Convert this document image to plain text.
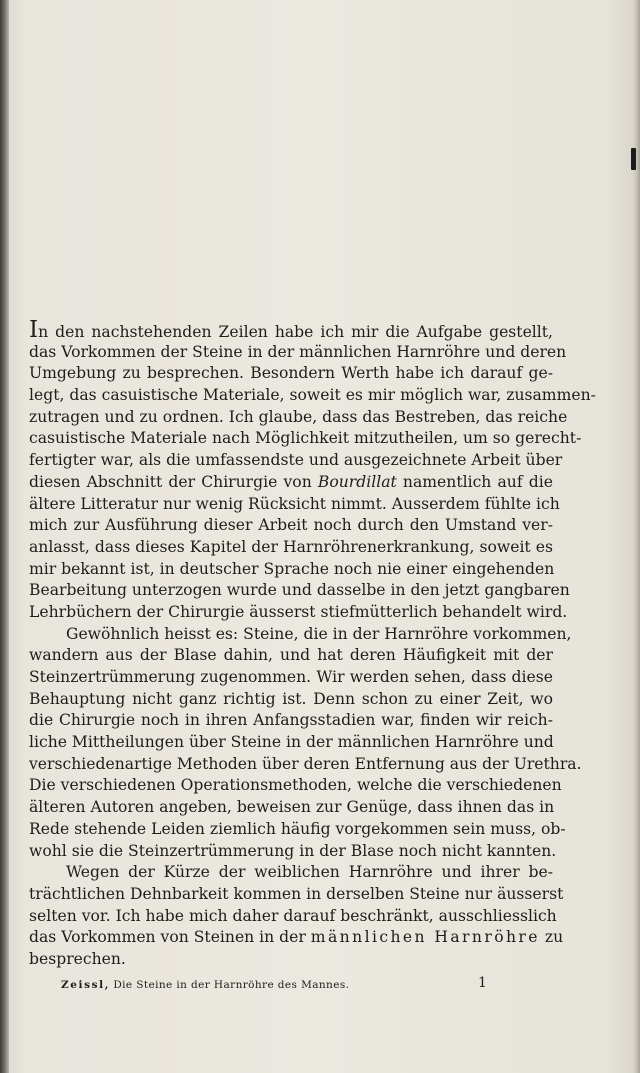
In den nachstehenden Zeilen habe ich mir die Aufgabe gestellt,
das Vorkommen der Steine in der männlichen Harnröhre und deren
Umgebung zu besprechen. Besondern Werth habe ich darauf ge-
legt, das casuistische Materiale, soweit es mir möglich war, zusammen-
zutragen und zu ordnen. Ich glaube, dass das Bestreben, das reiche
casuistische Materiale nach Möglichkeit mitzutheilen, um so gerecht-
fertigter war, als die umfassendste und ausgezeichnete Arbeit über
diesen Abschnitt der Chirurgie von Bourdillat namentlich auf die
ältere Litteratur nur wenig Rücksicht nimmt. Ausserdem fühlte ich
mich zur Ausführung dieser Arbeit noch durch den Umstand ver-
anlasst, dass dieses Kapitel der Harnröhrenerkrankung, soweit es
mir bekannt ist, in deutscher Sprache noch nie einer eingehenden
Bearbeitung unterzogen wurde und dasselbe in den jetzt gangbaren
Lehrbüchern der Chirurgie äusserst stiefmütterlich behandelt wird.
Gewöhnlich heisst es: Steine, die in der Harnröhre vorkommen,
wandern aus der Blase dahin, und hat deren Häufigkeit mit der
Steinzertrümmerung zugenommen. Wir werden sehen, dass diese
Behauptung nicht ganz richtig ist. Denn schon zu einer Zeit, wo
die Chirurgie noch in ihren Anfangsstadien war, finden wir reich-
liche Mittheilungen über Steine in der männlichen Harnröhre und
verschiedenartige Methoden über deren Entfernung aus der Urethra.
Die verschiedenen Operationsmethoden, welche die verschiedenen
älteren Autoren angeben, beweisen zur Genüge, dass ihnen das in
Rede stehende Leiden ziemlich häufig vorgekommen sein muss, ob-
wohl sie die Steinzertrümmerung in der Blase noch nicht kannten.
Wegen der Kürze der weiblichen Harnröhre und ihrer be-
trächtlichen Dehnbarkeit kommen in derselben Steine nur äusserst
selten vor. Ich habe mich daher darauf beschränkt, ausschliesslich
das Vorkommen von Steinen in der männlichen Harnröhre zu
besprechen.
Zeissl, Die Steine in der Harnröhre des Mannes.	1
